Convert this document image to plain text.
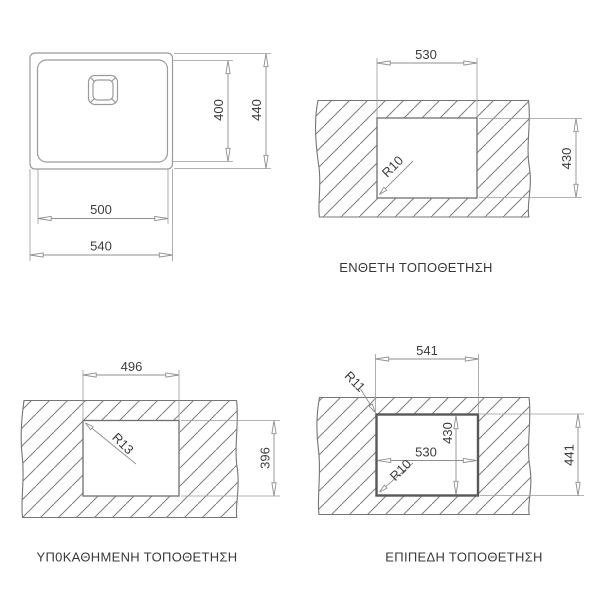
400 440
500
540
530
430
R10
ΕΝΘΕΤΗ ΤΟΠΟΘΕΤΗΣΗ
496
396
R13
ΥΠ0ΚΑΘΗΜΕΝΗ ΤΟΠΟΘΕΤΗΣΗ
541
R11
430
530
R10
441
ΕΠΙΠΕΔΗ ΤΟΠΟΘΕΤΗΣΗ
